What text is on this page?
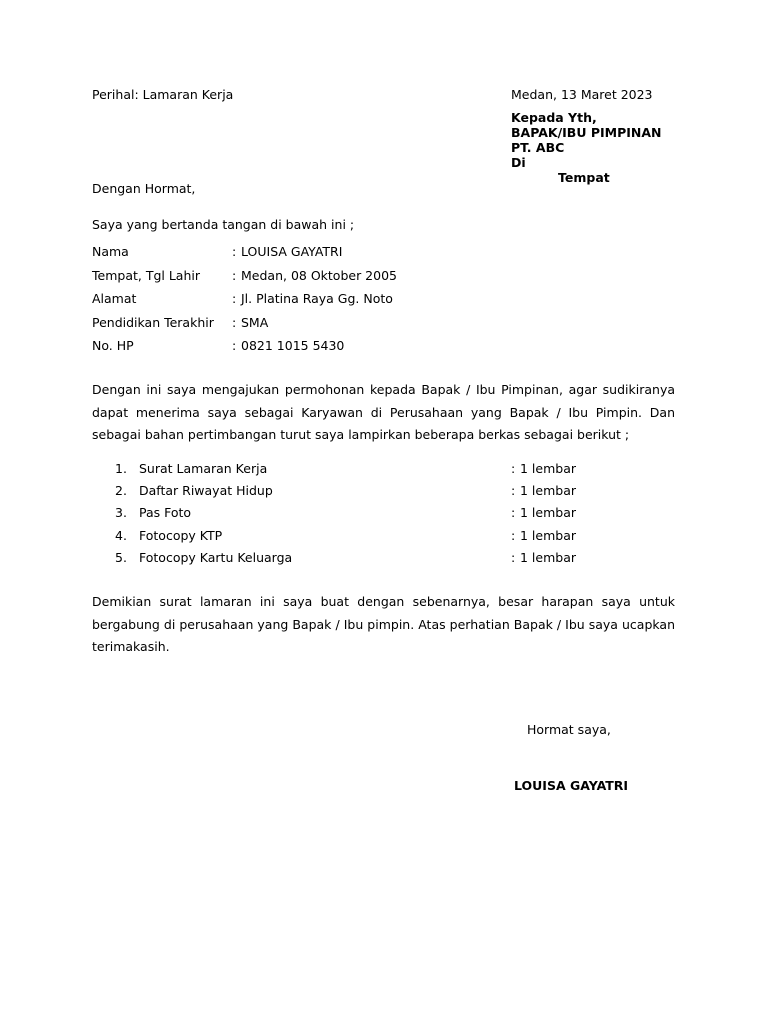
Perihal: Lamaran Kerja	Medan, 13 Maret 2023
Kepada Yth,
BAPAK/IBU PIMPINAN
PT. ABC
Di
Tempat
Dengan Hormat,
Saya yang bertanda tangan di bawah ini ;
Nama	: LOUISA GAYATRI
Tempat, Tgl Lahir	: Medan, 08 Oktober 2005
Alamat	: Jl. Platina Raya Gg. Noto
Pendidikan Terakhir : SMA
No. HP	: 0821 1015 5430
Dengan ini saya mengajukan permohonan kepada Bapak / Ibu Pimpinan, agar sudikiranya dapat menerima saya sebagai Karyawan di Perusahaan yang Bapak / Ibu Pimpin. Dan sebagai bahan pertimbangan turut saya lampirkan beberapa berkas sebagai berikut ;
1. Surat Lamaran Kerja	: 1 lembar
2. Daftar Riwayat Hidup	: 1 lembar
3. Pas Foto	: 1 lembar
4. Fotocopy KTP	: 1 lembar
5. Fotocopy Kartu Keluarga	: 1 lembar
Demikian surat lamaran ini saya buat dengan sebenarnya, besar harapan saya untuk bergabung di perusahaan yang Bapak / Ibu pimpin. Atas perhatian Bapak / Ibu saya ucapkan terimakasih.
Hormat saya,
LOUISA GAYATRI
